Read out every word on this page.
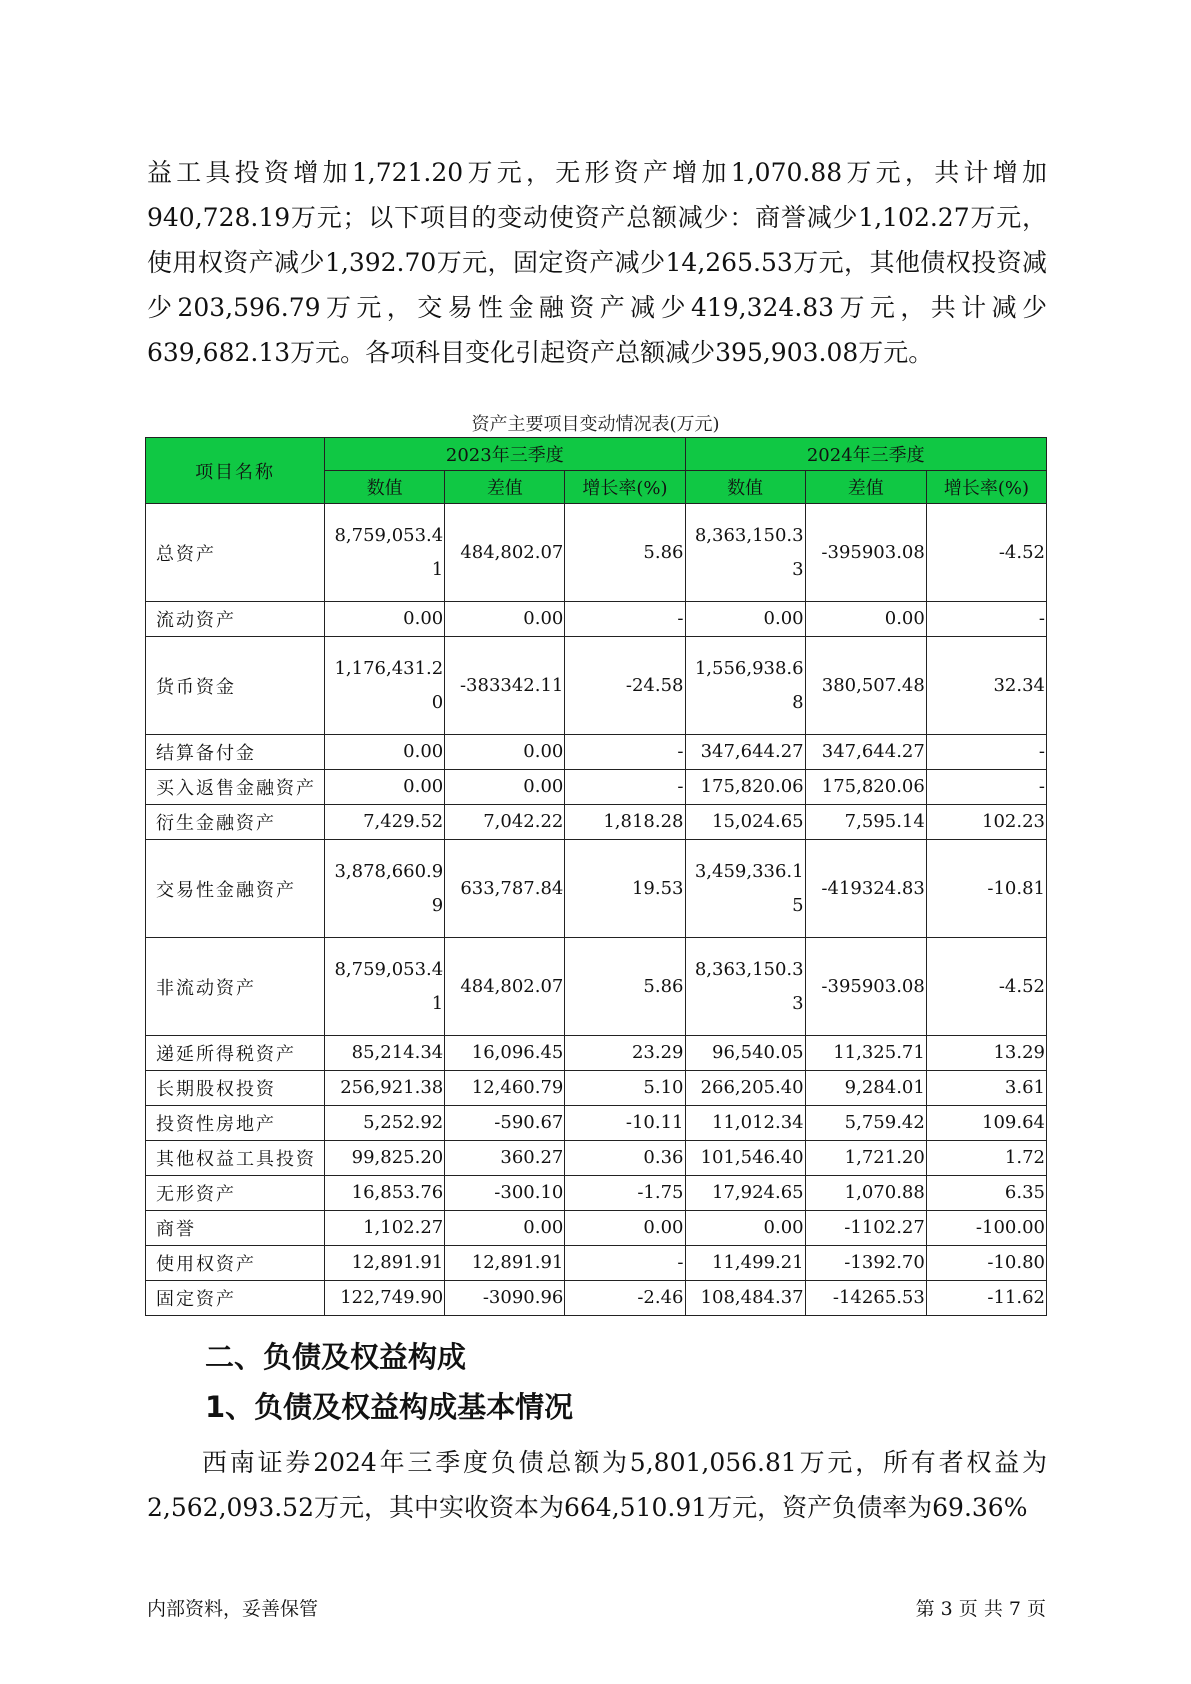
益工具投资增加1,721.20万元，无形资产增加1,070.88万元，共计增加940,728.19万元；以下项目的变动使资产总额减少：商誉减少1,102.27万元，使用权资产减少1,392.70万元，固定资产减少14,265.53万元，其他债权投资减少203,596.79万元，交易性金融资产减少419,324.83万元，共计减少639,682.13万元。各项科目变化引起资产总额减少395,903.08万元。

资产主要项目变动情况表(万元)
项目名称	2023年三季度			2024年三季度		
	数值	差值	增长率(%)	数值	差值	增长率(%)
总资产	8,759,053.41	484,802.07	5.86	8,363,150.33	-395903.08	-4.52
流动资产	0.00	0.00	-	0.00	0.00	-
货币资金	1,176,431.20	-383342.11	-24.58	1,556,938.68	380,507.48	32.34
结算备付金	0.00	0.00	-	347,644.27	347,644.27	-
买入返售金融资产	0.00	0.00	-	175,820.06	175,820.06	-
衍生金融资产	7,429.52	7,042.22	1,818.28	15,024.65	7,595.14	102.23
交易性金融资产	3,878,660.99	633,787.84	19.53	3,459,336.15	-419324.83	-10.81
非流动资产	8,759,053.41	484,802.07	5.86	8,363,150.33	-395903.08	-4.52
递延所得税资产	85,214.34	16,096.45	23.29	96,540.05	11,325.71	13.29
长期股权投资	256,921.38	12,460.79	5.10	266,205.40	9,284.01	3.61
投资性房地产	5,252.92	-590.67	-10.11	11,012.34	5,759.42	109.64
其他权益工具投资	99,825.20	360.27	0.36	101,546.40	1,721.20	1.72
无形资产	16,853.76	-300.10	-1.75	17,924.65	1,070.88	6.35
商誉	1,102.27	0.00	0.00	0.00	-1102.27	-100.00
使用权资产	12,891.91	12,891.91	-	11,499.21	-1392.70	-10.80
固定资产	122,749.90	-3090.96	-2.46	108,484.37	-14265.53	-11.62
二、负债及权益构成
1、负债及权益构成基本情况

西南证券2024年三季度负债总额为5,801,056.81万元，所有者权益为2,562,093.52万元，其中实收资本为664,510.91万元，资产负债率为69.36%

内部资料，妥善保管	第 3 页 共 7 页
